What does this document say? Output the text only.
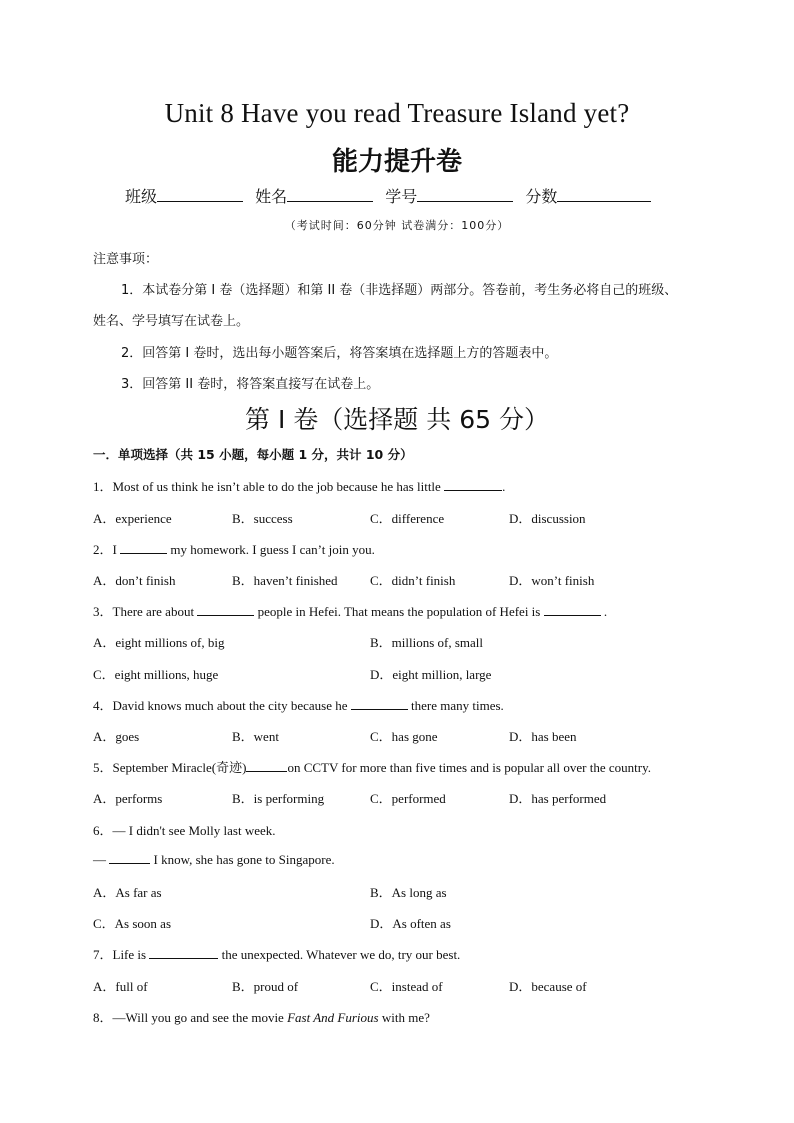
Unit 8 Have you read Treasure Island yet?
能力提升卷
班级	姓名	学号	分数
（考试时间：60分钟 试卷满分：100分）
注意事项：
1．本试卷分第 I 卷（选择题）和第 II 卷（非选择题）两部分。答卷前，考生务必将自己的班级、
姓名、学号填写在试卷上。
2．回答第 I 卷时，选出每小题答案后，将答案填在选择题上方的答题表中。
3．回答第 II 卷时，将答案直接写在试卷上。
第 I 卷（选择题 共 65 分）
一．单项选择（共 15 小题，每小题 1 分，共计 10 分）
1．Most of us think he isn’t able to do the job because he has little	.
A．experience	B．success	C．difference	D．discussion
2．I	my homework. I guess I can’t join you.
A．don’t finish	B．haven’t finished C．didn’t finish	D．won’t finish
3．There are about	people in Hefei. That means the population of Hefei is	.
A．eight millions of, big	B．millions of, small
C．eight millions, huge	D．eight million, large
4．David knows much about the city because he	there many times.
A．goes	B．went	C．has gone	D．has been
5．September Miracle(奇迹)	on CCTV for more than five times and is popular all over the country.
A．performs	B．is performing	C．performed	D．has performed
6．— I didn't see Molly last week.
—	I know, she has gone to Singapore.
A．As far as	B．As long as
C．As soon as	D．As often as
7．Life is	the unexpected. Whatever we do, try our best.
A．full of	B．proud of	C．instead of	D．because of
8．—Will you go and see the movie Fast And Furious with me?
